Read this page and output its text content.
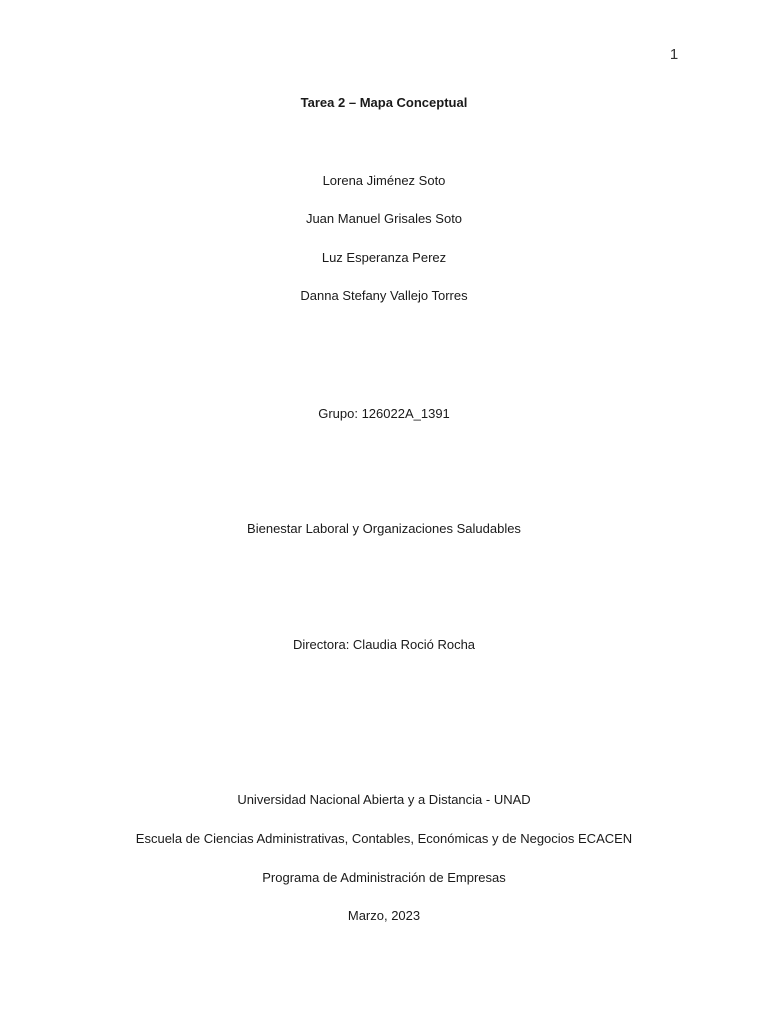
1
Tarea 2 – Mapa Conceptual
Lorena Jiménez Soto
Juan Manuel Grisales Soto
Luz Esperanza Perez
Danna Stefany Vallejo Torres
Grupo: 126022A_1391
Bienestar Laboral y Organizaciones Saludables
Directora: Claudia Roció Rocha
Universidad Nacional Abierta y a Distancia - UNAD
Escuela de Ciencias Administrativas, Contables, Económicas y de Negocios ECACEN
Programa de Administración de Empresas
Marzo, 2023
